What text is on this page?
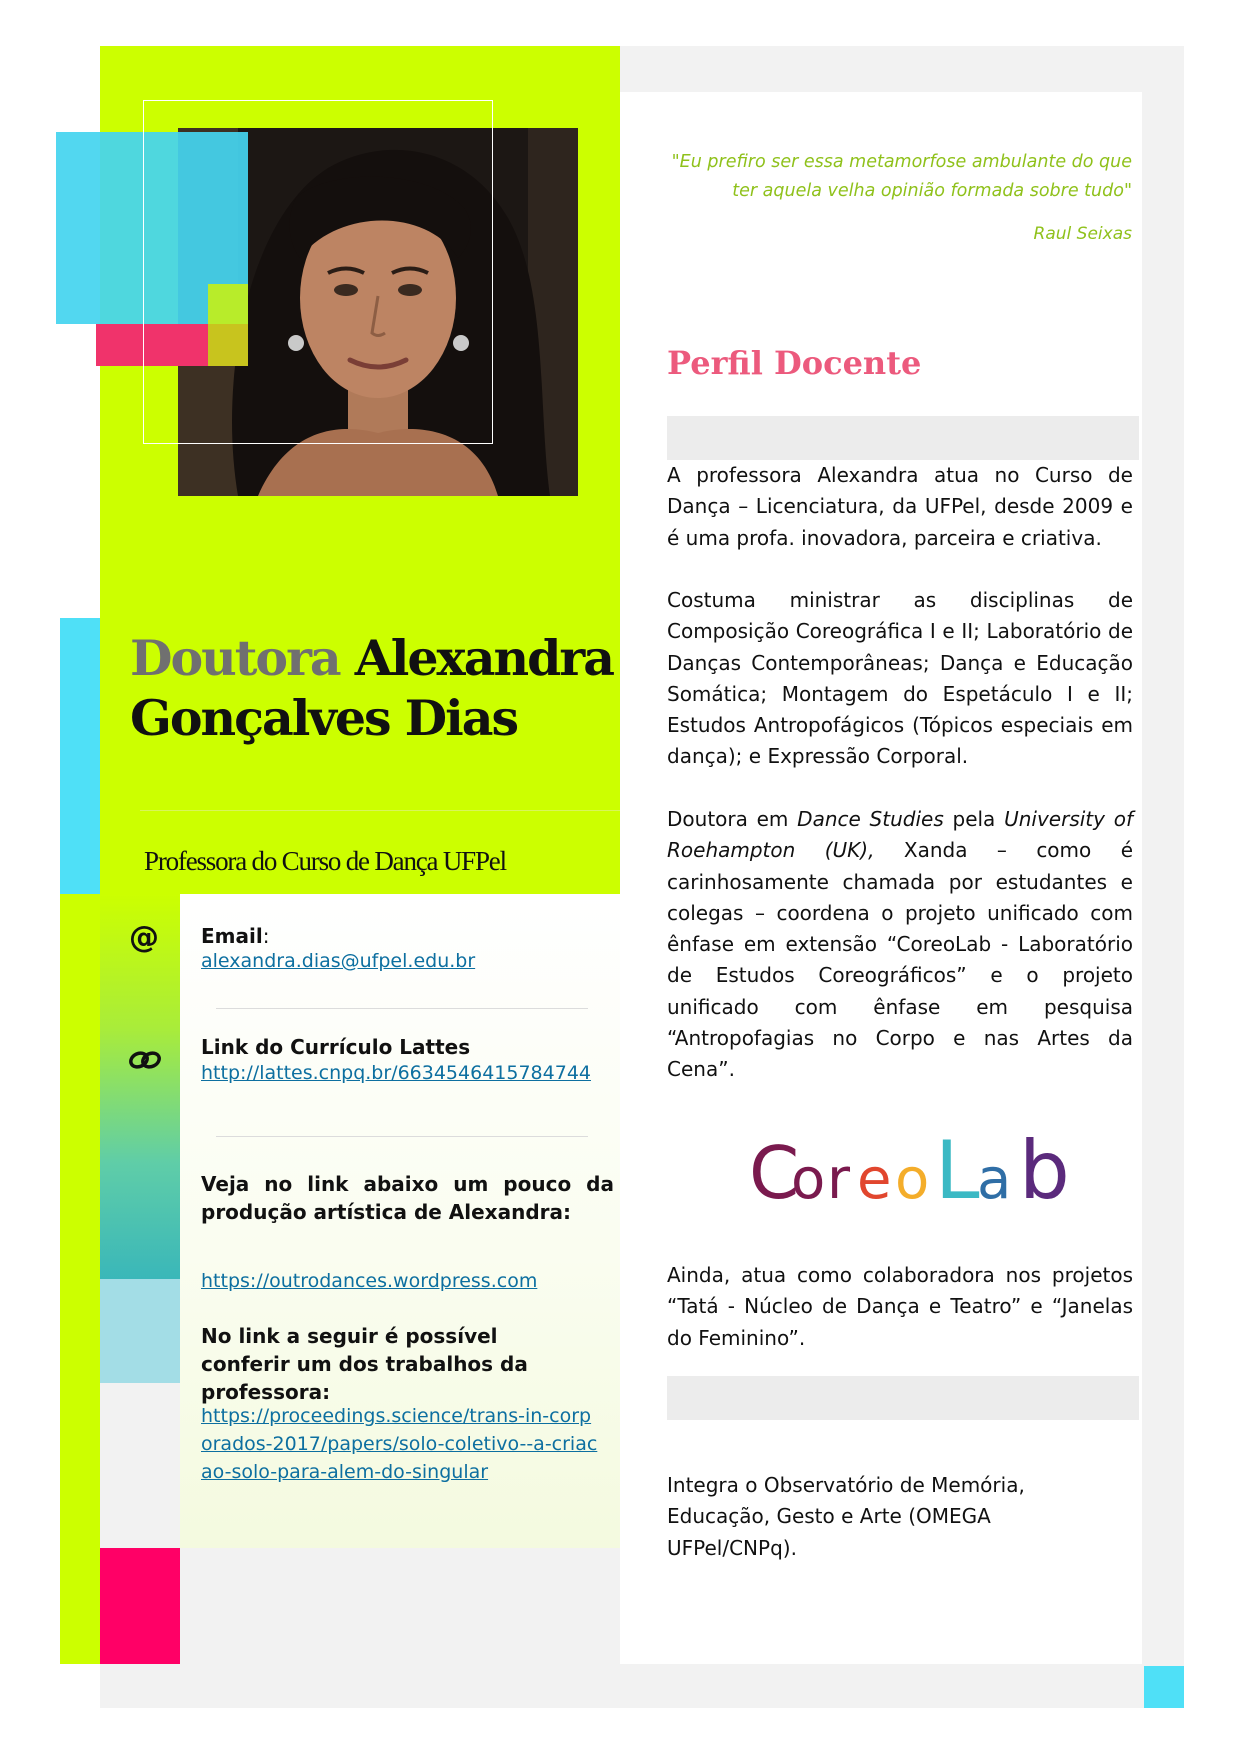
Doutora Alexandra
Gonçalves Dias
Professora do Curso de Dança UFPel
@ Email:
alexandra.dias@ufpel.edu.br
Link do Currículo Lattes
http://lattes.cnpq.br/6634546415784744
Veja no link abaixo um pouco da produção artística de Alexandra:
https://outrodances.wordpress.com
No link a seguir é possível conferir um dos trabalhos da professora:
https://proceedings.science/trans-in-corporados-2017/papers/solo-coletivo--a-criacao-solo-para-alem-do-singular
"Eu prefiro ser essa metamorfose ambulante do que
ter aquela velha opinião formada sobre tudo"
Raul Seixas
Perfil Docente
A professora Alexandra atua no Curso de Dança – Licenciatura, da UFPel, desde 2009 e é uma profa. inovadora, parceira e criativa.
Costuma ministrar as disciplinas de Composição Coreográfica I e II; Laboratório de Danças Contemporâneas; Dança e Educação Somática; Montagem do Espetáculo I e II; Estudos Antropofágicos (Tópicos especiais em dança); e Expressão Corporal.
Doutora em Dance Studies pela University of Roehampton (UK), Xanda – como é carinhosamente chamada por estudantes e colegas – coordena o projeto unificado com ênfase em extensão “CoreoLab - Laboratório de Estudos Coreográficos” e o projeto unificado com ênfase em pesquisa “Antropofagias no Corpo e nas Artes da Cena”.
C
o r e o L
a b
Ainda, atua como colaboradora nos projetos “Tatá - Núcleo de Dança e Teatro” e “Janelas do Feminino”.
Integra o Observatório de Memória, Educação, Gesto e Arte (OMEGA UFPel/CNPq).
